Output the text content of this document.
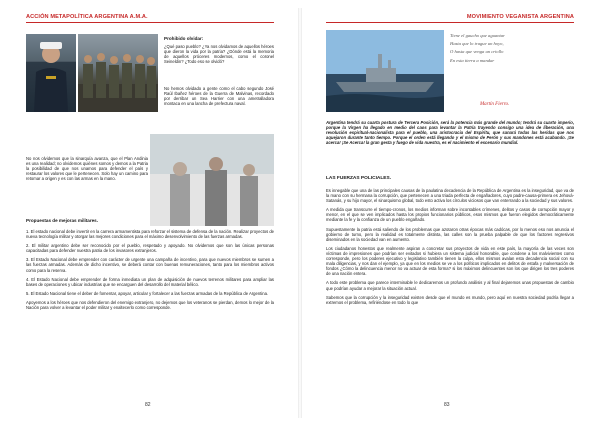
ACCIÓN METAPOLÍTICA ARGENTINA A.M.A.
Prohibido olvidar:
¿Qué paso pueblo? ¿Ya nos olvidamos de aquellos héroes que dieron la vida por la patria? ¿Dónde está la memoria de aquellos próceres modernos, como el coronel Seineldin? ¿Todo eso se olvidó?
No hemos olvidado a gente como el cabo segundo José Raúl Ibañez héroes de la Guerra de Malvinas, recordado por derribar un Sea Harrier con una ametralladora montaca en una lancha de prefectura naval.
No nos olvidemos que la sinarquía avanza, que el Plan Andinia es una realidad; no olvidemos quiénes somos y demos a la Patria la posibilidad de que nos unamos para defender el país y restaurar los valores que le pertenecen. Solo hay un camino para retomar a origen y es con las armas en la mano.
Propuestas de mejoras militares.

1. El estado nacional debe invertir en la carrera armamentista para reforzar el sistema de defensa de la nación. Realizar proyectos de nueva tecnología militar y otorgar las mejores condiciones para el máximo desenvolvimiento de las fuerzas armadas.

2. El militar argentino debe ser reconocido por el pueblo, respetado y apoyado. No olvidemos que son las únicas personas capacitadas para defender nuestra patria de los invasores extranjeros.

3. El Estado Nacional debe emprender con carácter de urgente una campaña de incentivo, para que nuevos miembros se sumen a las fuerzas armadas. Además de dicho incentivo, se deberá contar con buenas remuneraciones, tanto para los miembros activos como para la reserva.

4. El Estado Nacional debe emprender de forma inmediata un plan de adquisición de nuevos terrenos militares para ampliar las bases de operaciones y ubicar industrias que se encarguen del desarrollo del material bélico.

5. El Estado Nacional tiene el deber de fomentar, apoyar, articular y fortalecer a las fuerzas armadas de la República de Argentina.

Apoyemos a los héroes que nos defendieron del enemigo extranjero, no dejemos que los veteranos se pierdan, demos lo mejor de la Nación para volver a levantar el poder militar y enaltecerlo como corresponde.

82
MOVIMIENTO VEGANISTA ARGENTINA
Tiene el gaucho que aguantar
Hasta que lo trague un hoyo,
O hasta que venga un criollo
En esta tierra a mandar
Martín Fierro.
Argentina tendrá su cuarta postura de Tercera Posición, será la potencia más grande del mundo; tendrá su cuarto imperio, porque la Virgen ha llegado en medio del caos para levantar la Patria trayendo consigo una idea de liberación, una revolución espiritual-nacionalista para el pueblo, una aristocracia del Espíritu, que sanará todas las heridas que nos aquejaron durante tanto tiempo. Porque el orden está llegando y el mismo de Perón y sus mandones está acabando. ¡Se acerca! ¡Se Acerca! la gran gesta y fuego de vida nuestra, es el nacimiento el escenario mundial.
LAS FUERZAS POLICIALES.

Es innegable que una de las principales causas de la paulatina decadencia de la República de Argentina es la inseguridad, que va de la mano con su hermana la corrupción, que pertenecen a una triada perfecta de engañadores, cuyo padre-causa-primera es Jehová-Satanás, y su hijo mayor, el sinarquismo global, todo esto activa los círculos viciosos que van enterrando a la sociedad y sus valores.

A medida que transcurre el tiempo-cronos, los medios informan sobre incontables crímenes, delitos y casos de corrupción mayor y menor, en el que se ven implicados hasta los propios funcionarios públicos, esos mismos que fueron elegidos democráticamente mediante la fe y la confianza de un pueblo engañado.

Supuestamente la patria está saliendo de los problemas que azotaron otras épocas más cadócas, por lo menos eso nos anuncia el gobierno de turno, pero la realidad es totalmente distinta, las calles son la prueba palpable de que los factores regresivos diseminados en la sociedad van en aumento.

Los ciudadanos honestos que realmente aspiran a concretar sus proyectos de vida en este país, la mayoría de las veces son víctimas de impresiones que podrían ser evitados si hubiera un sistema judicial honorable, que condene a los malvivientes como corresponde, pero los poderes ejecutivo y legislativo también tienen la culpa, ellos mismos avalan esta decadencia social con su mala diligencias, y nos dan el ejemplo, ya que en los medios se ve a los políticos implicados en delitos de estafa y malversación de fondos ¿Cómo la delincuencia menor no va actuar de esta forma? si los máximos delincuentes son los que dirigen los tres poderes de una nación entera.

A todo este problema que parece interminable le dedicaremos un profundo análisis y al final dejaremos unas propuestas de cambio que podrían ayudar a mejorar la situación actual.

Sabemos que la corrupción y la inseguridad existen desde que el mundo es mundo, pero aquí en nuestra sociedad podría llegar a extremos el problema, refiriéndose en todo lo que

83
